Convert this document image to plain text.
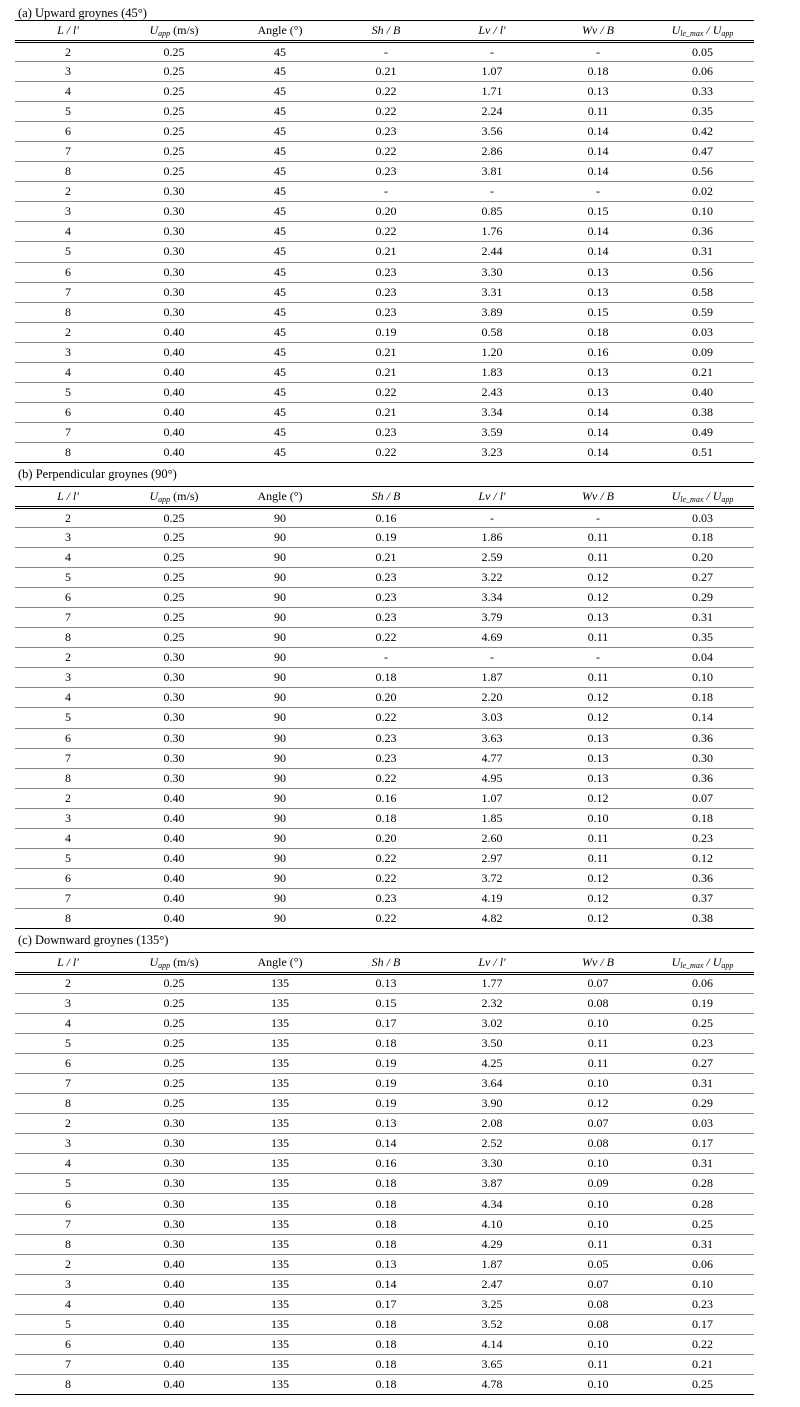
(a) Upward groynes (45°)
L / l'	$U_{app}$ (m/s)	Angle (°)	Sh / B	Lv / l'	Wv / B	$U_{le\_max} / U_{app}$
2	0.25	45	-	-	-	0.05
3	0.25	45	0.21	1.07	0.18	0.06
4	0.25	45	0.22	1.71	0.13	0.33
5	0.25	45	0.22	2.24	0.11	0.35
6	0.25	45	0.23	3.56	0.14	0.42
7	0.25	45	0.22	2.86	0.14	0.47
8	0.25	45	0.23	3.81	0.14	0.56
2	0.30	45	-	-	-	0.02
3	0.30	45	0.20	0.85	0.15	0.10
4	0.30	45	0.22	1.76	0.14	0.36
5	0.30	45	0.21	2.44	0.14	0.31
6	0.30	45	0.23	3.30	0.13	0.56
7	0.30	45	0.23	3.31	0.13	0.58
8	0.30	45	0.23	3.89	0.15	0.59
2	0.40	45	0.19	0.58	0.18	0.03
3	0.40	45	0.21	1.20	0.16	0.09
4	0.40	45	0.21	1.83	0.13	0.21
5	0.40	45	0.22	2.43	0.13	0.40
6	0.40	45	0.21	3.34	0.14	0.38
7	0.40	45	0.23	3.59	0.14	0.49
8	0.40	45	0.22	3.23	0.14	0.51
(b) Perpendicular groynes (90°)
L / l'	$U_{app}$ (m/s)	Angle (°)	Sh / B	Lv / l'	Wv / B	$U_{le\_max} / U_{app}$
2	0.25	90	0.16	-	-	0.03
3	0.25	90	0.19	1.86	0.11	0.18
4	0.25	90	0.21	2.59	0.11	0.20
5	0.25	90	0.23	3.22	0.12	0.27
6	0.25	90	0.23	3.34	0.12	0.29
7	0.25	90	0.23	3.79	0.13	0.31
8	0.25	90	0.22	4.69	0.11	0.35
2	0.30	90	-	-	-	0.04
3	0.30	90	0.18	1.87	0.11	0.10
4	0.30	90	0.20	2.20	0.12	0.18
5	0.30	90	0.22	3.03	0.12	0.14
6	0.30	90	0.23	3.63	0.13	0.36
7	0.30	90	0.23	4.77	0.13	0.30
8	0.30	90	0.22	4.95	0.13	0.36
2	0.40	90	0.16	1.07	0.12	0.07
3	0.40	90	0.18	1.85	0.10	0.18
4	0.40	90	0.20	2.60	0.11	0.23
5	0.40	90	0.22	2.97	0.11	0.12
6	0.40	90	0.22	3.72	0.12	0.36
7	0.40	90	0.23	4.19	0.12	0.37
8	0.40	90	0.22	4.82	0.12	0.38
(c) Downward groynes (135°)
L / l'	$U_{app}$ (m/s)	Angle (°)	Sh / B	Lv / l'	Wv / B	$U_{le\_max} / U_{app}$
2	0.25	135	0.13	1.77	0.07	0.06
3	0.25	135	0.15	2.32	0.08	0.19
4	0.25	135	0.17	3.02	0.10	0.25
5	0.25	135	0.18	3.50	0.11	0.23
6	0.25	135	0.19	4.25	0.11	0.27
7	0.25	135	0.19	3.64	0.10	0.31
8	0.25	135	0.19	3.90	0.12	0.29
2	0.30	135	0.13	2.08	0.07	0.03
3	0.30	135	0.14	2.52	0.08	0.17
4	0.30	135	0.16	3.30	0.10	0.31
5	0.30	135	0.18	3.87	0.09	0.28
6	0.30	135	0.18	4.34	0.10	0.28
7	0.30	135	0.18	4.10	0.10	0.25
8	0.30	135	0.18	4.29	0.11	0.31
2	0.40	135	0.13	1.87	0.05	0.06
3	0.40	135	0.14	2.47	0.07	0.10
4	0.40	135	0.17	3.25	0.08	0.23
5	0.40	135	0.18	3.52	0.08	0.17
6	0.40	135	0.18	4.14	0.10	0.22
7	0.40	135	0.18	3.65	0.11	0.21
8	0.40	135	0.18	4.78	0.10	0.25
